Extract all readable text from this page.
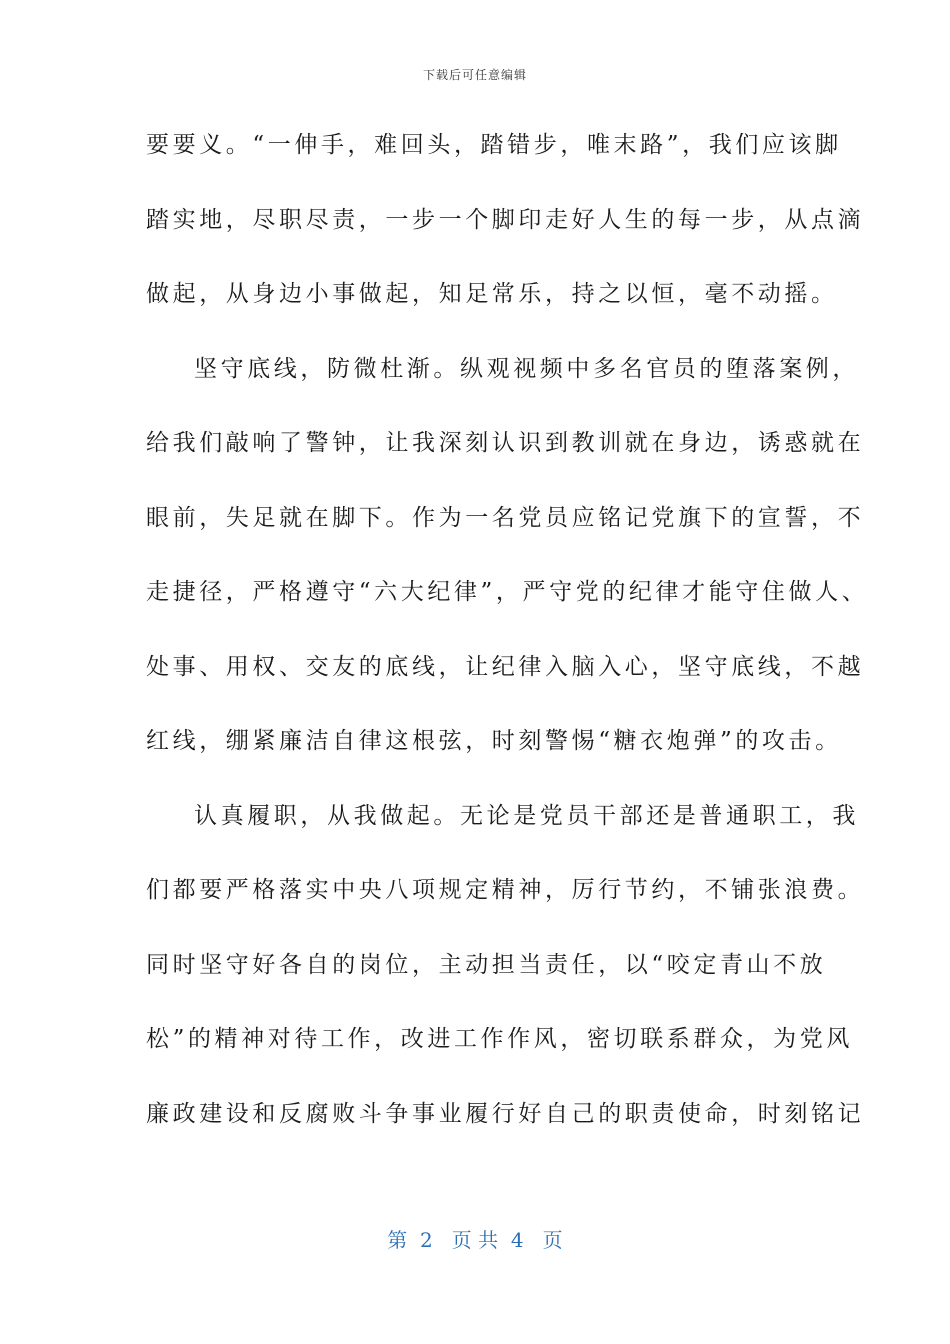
下载后可任意编辑
要要义。“一伸手，难回头，踏错步，唯末路”，我们应该脚
踏实地，尽职尽责，一步一个脚印走好人生的每一步，从点滴
做起，从身边小事做起，知足常乐，持之以恒，毫不动摇。
坚守底线，防微杜渐。纵观视频中多名官员的堕落案例，
给我们敲响了警钟，让我深刻认识到教训就在身边，诱惑就在
眼前，失足就在脚下。作为一名党员应铭记党旗下的宣誓，不
走捷径，严格遵守“六大纪律”，严守党的纪律才能守住做人、
处事、用权、交友的底线，让纪律入脑入心，坚守底线，不越
红线，绷紧廉洁自律这根弦，时刻警惕“糖衣炮弹”的攻击。
认真履职，从我做起。无论是党员干部还是普通职工，我
们都要严格落实中央八项规定精神，厉行节约，不铺张浪费。
同时坚守好各自的岗位，主动担当责任，以“咬定青山不放
松”的精神对待工作，改进工作作风，密切联系群众，为党风
廉政建设和反腐败斗争事业履行好自己的职责使命，时刻铭记
第  2   页 共  4   页
